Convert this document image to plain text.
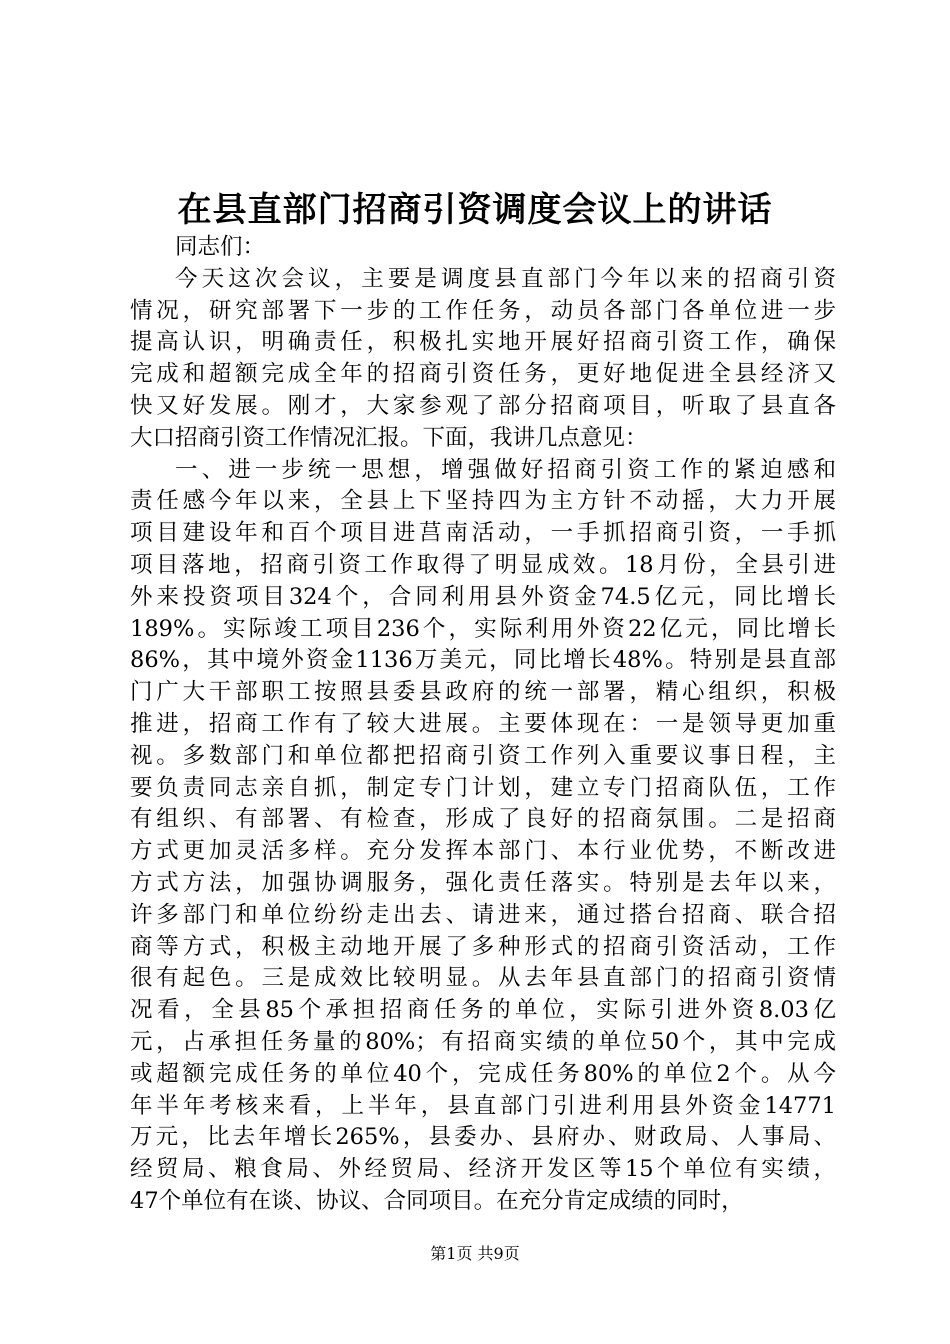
在县直部门招商引资调度会议上的讲话
同志们：
今天这次会议，主要是调度县直部门今年以来的招商引资
情况，研究部署下一步的工作任务，动员各部门各单位进一步
提高认识，明确责任，积极扎实地开展好招商引资工作，确保
完成和超额完成全年的招商引资任务，更好地促进全县经济又
快又好发展。刚才，大家参观了部分招商项目，听取了县直各
大口招商引资工作情况汇报。下面，我讲几点意见：
一、进一步统一思想，增强做好招商引资工作的紧迫感和
责任感今年以来，全县上下坚持四为主方针不动摇，大力开展
项目建设年和百个项目进莒南活动，一手抓招商引资，一手抓
项目落地，招商引资工作取得了明显成效。18月份，全县引进
外来投资项目324个，合同利用县外资金74.5亿元，同比增长
189%。实际竣工项目236个，实际利用外资22亿元，同比增长
86%，其中境外资金1136万美元，同比增长48%。特别是县直部
门广大干部职工按照县委县政府的统一部署，精心组织，积极
推进，招商工作有了较大进展。主要体现在：一是领导更加重
视。多数部门和单位都把招商引资工作列入重要议事日程，主
要负责同志亲自抓，制定专门计划，建立专门招商队伍，工作
有组织、有部署、有检查，形成了良好的招商氛围。二是招商
方式更加灵活多样。充分发挥本部门、本行业优势，不断改进
方式方法，加强协调服务，强化责任落实。特别是去年以来，
许多部门和单位纷纷走出去、请进来，通过搭台招商、联合招
商等方式，积极主动地开展了多种形式的招商引资活动，工作
很有起色。三是成效比较明显。从去年县直部门的招商引资情
况看，全县85个承担招商任务的单位，实际引进外资8.03亿
元，占承担任务量的80%；有招商实绩的单位50个，其中完成
或超额完成任务的单位40个，完成任务80%的单位2个。从今
年半年考核来看，上半年，县直部门引进利用县外资金14771
万元，比去年增长265%，县委办、县府办、财政局、人事局、
经贸局、粮食局、外经贸局、经济开发区等15个单位有实绩，
47个单位有在谈、协议、合同项目。在充分肯定成绩的同时，
第1页 共9页
